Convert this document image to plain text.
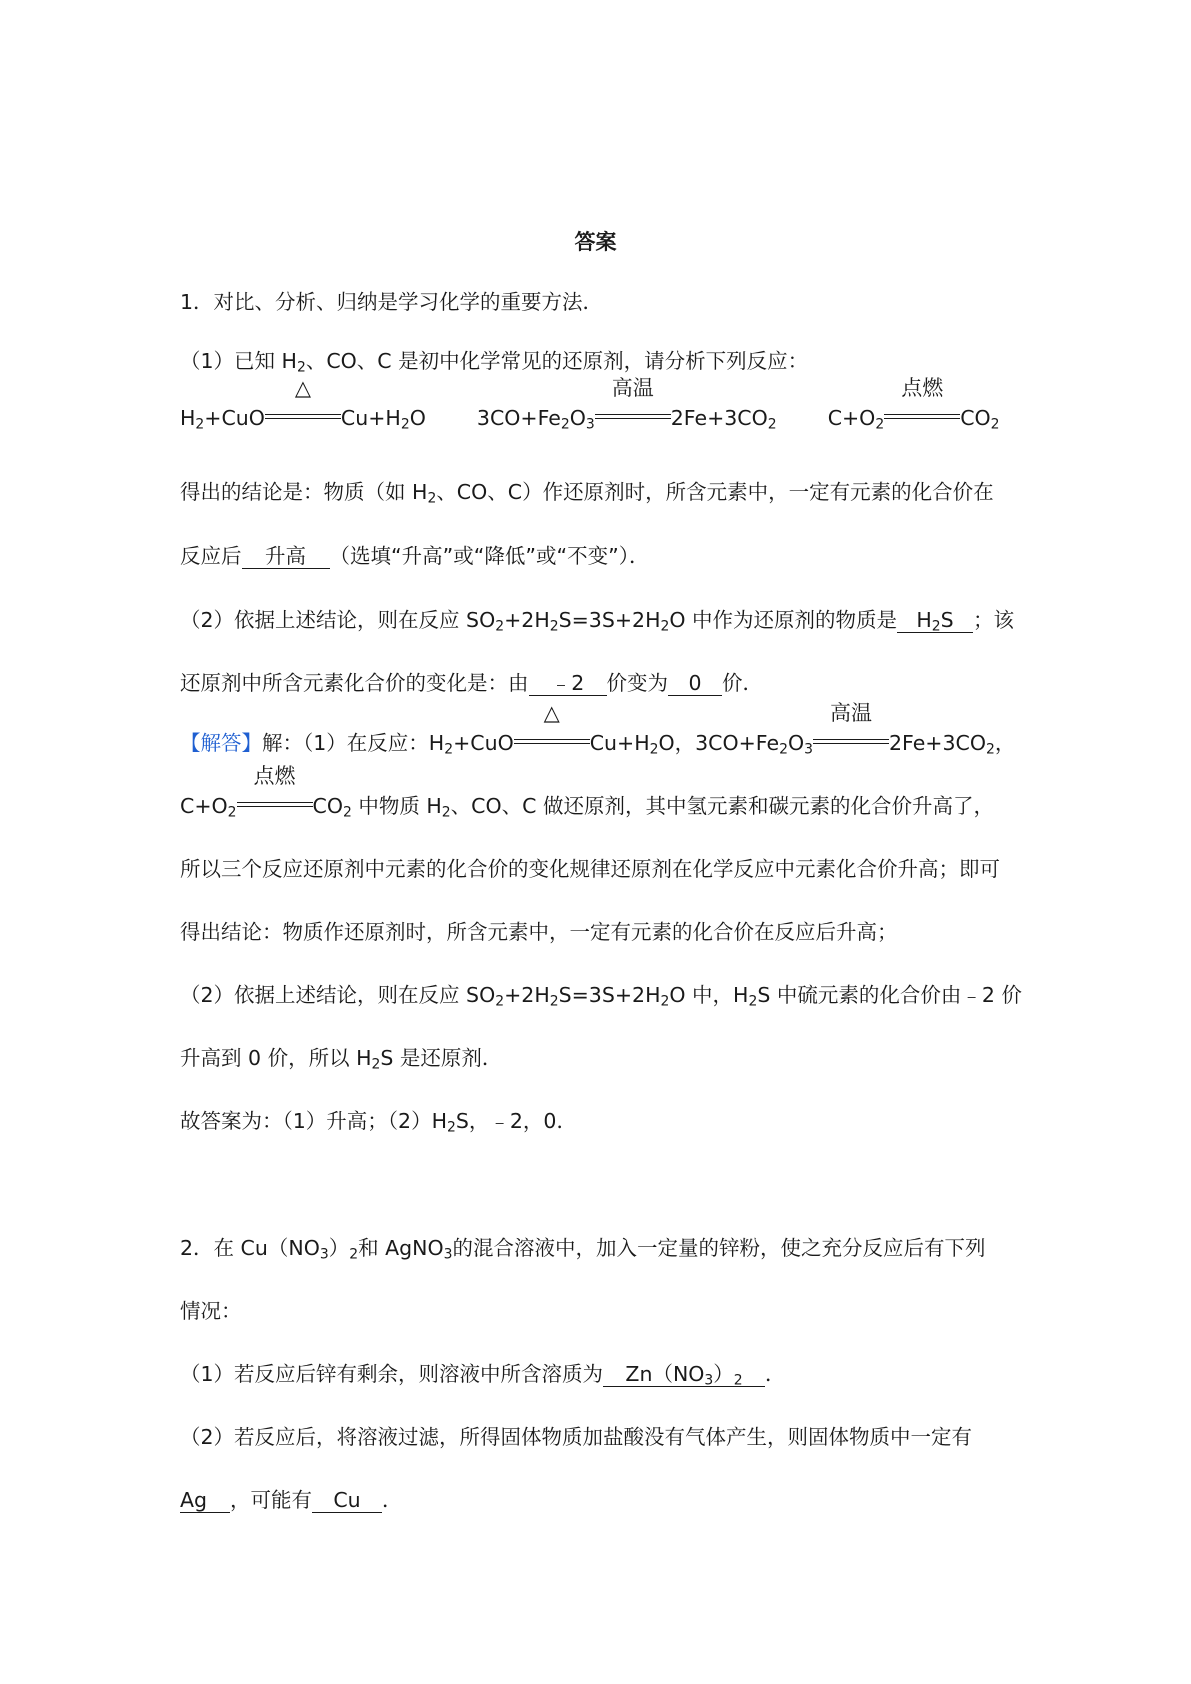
答案
1．对比、分析、归纳是学习化学的重要方法．
（1）已知 $H_2$、CO、C 是初中化学常见的还原剂，请分析下列反应：
$H_2+CuO$
△
$Cu+H_2O$ $3CO+Fe_2O_3$
高温
$2Fe+3CO_2$ $C+O_2$
点燃
$CO_2$
得出的结论是：物质（如 $H_2$、CO、C）作还原剂时，所含元素中，一定有元素的化合价在
反应后 升高 （选填“升高”或“降低”或“不变”）．
（2）依据上述结论，则在反应 $SO_2+2H_2S=3S+2H_2O$ 中作为还原剂的物质是 $H_2S$ ；该
还原剂中所含元素化合价的变化是：由 ﹣2 价变为 0 价．
【解答】解：（1）在反应：$H_2+CuO$
△
$Cu+H_2O$，$3CO+Fe_2O_3$
高温
$2Fe+3CO_2$，
$C+O_2$
点燃
$CO_2$ 中物质 $H_2$、CO、C 做还原剂，其中氢元素和碳元素的化合价升高了，
所以三个反应还原剂中元素的化合价的变化规律还原剂在化学反应中元素化合价升高；即可
得出结论：物质作还原剂时，所含元素中，一定有元素的化合价在反应后升高；
（2）依据上述结论，则在反应 $SO_2+2H_2S=3S+2H_2O$ 中，$H_2S$ 中硫元素的化合价由﹣2 价
升高到 0 价，所以 $H_2S$ 是还原剂．
故答案为：（1）升高；$(2)H_2S$，﹣2，0．
2．在 $Cu(NO_3)_2$和 AgNO$_3$的混合溶液中，加入一定量的锌粉，使之充分反应后有下列
情况：
（1）若反应后锌有剩余，则溶液中所含溶质为 $Zn(NO_3)_2$ ．
（2）若反应后，将溶液过滤，所得固体物质加盐酸没有气体产生，则固体物质中一定有
Ag ，可能有 Cu ．
